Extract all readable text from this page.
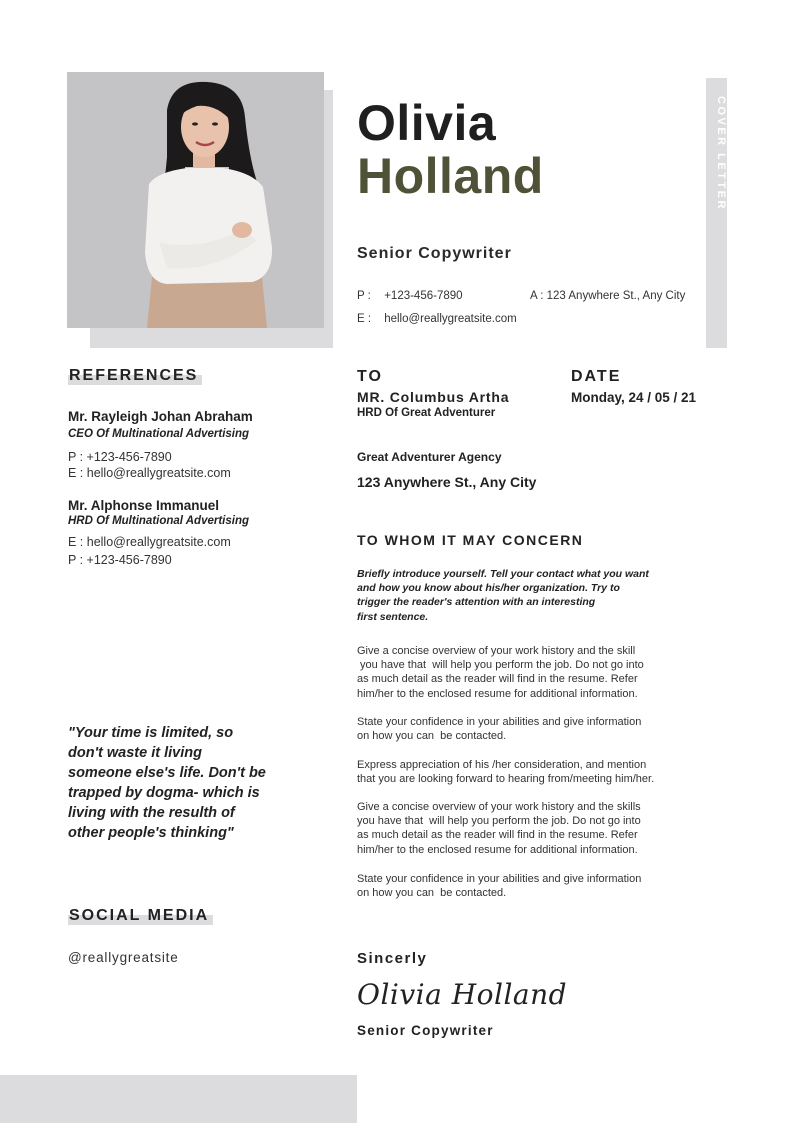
Olivia
Holland
Senior Copywriter
P : +123-456-7890	A : 123 Anywhere St., Any City
E : hello@reallygreatsite.com
COVER LETTER
REFERENCES
Mr. Rayleigh Johan Abraham
CEO Of Multinational Advertising
P : +123-456-7890
E : hello@reallygreatsite.com
Mr. Alphonse Immanuel
HRD Of Multinational Advertising
E : hello@reallygreatsite.com
P : +123-456-7890
"Your time is limited, so don't waste it living someone else's life. Don't be trapped by dogma- which is living with the resulth of other people's thinking"
SOCIAL MEDIA
@reallygreatsite
TO
MR. Columbus Artha
HRD Of Great Adventurer
Great Adventurer Agency
123 Anywhere St., Any City
DATE
Monday, 24 / 05 / 21
TO WHOM IT MAY CONCERN
Briefly introduce yourself. Tell your contact what you want
and how you know about his/her organization. Try to
trigger the reader's attention with an interesting
first sentence.
Give a concise overview of your work history and the skill
you have that  will help you perform the job. Do not go into
as much detail as the reader will find in the resume. Refer
him/her to the enclosed resume for additional information.
State your confidence in your abilities and give information
on how you can  be contacted.
Express appreciation of his /her consideration, and mention
that you are looking forward to hearing from/meeting him/her.
Give a concise overview of your work history and the skills
you have that  will help you perform the job. Do not go into
as much detail as the reader will find in the resume. Refer
him/her to the enclosed resume for additional information.
State your confidence in your abilities and give information
on how you can  be contacted.
Sincerly
Olivia Holland
Senior Copywriter
